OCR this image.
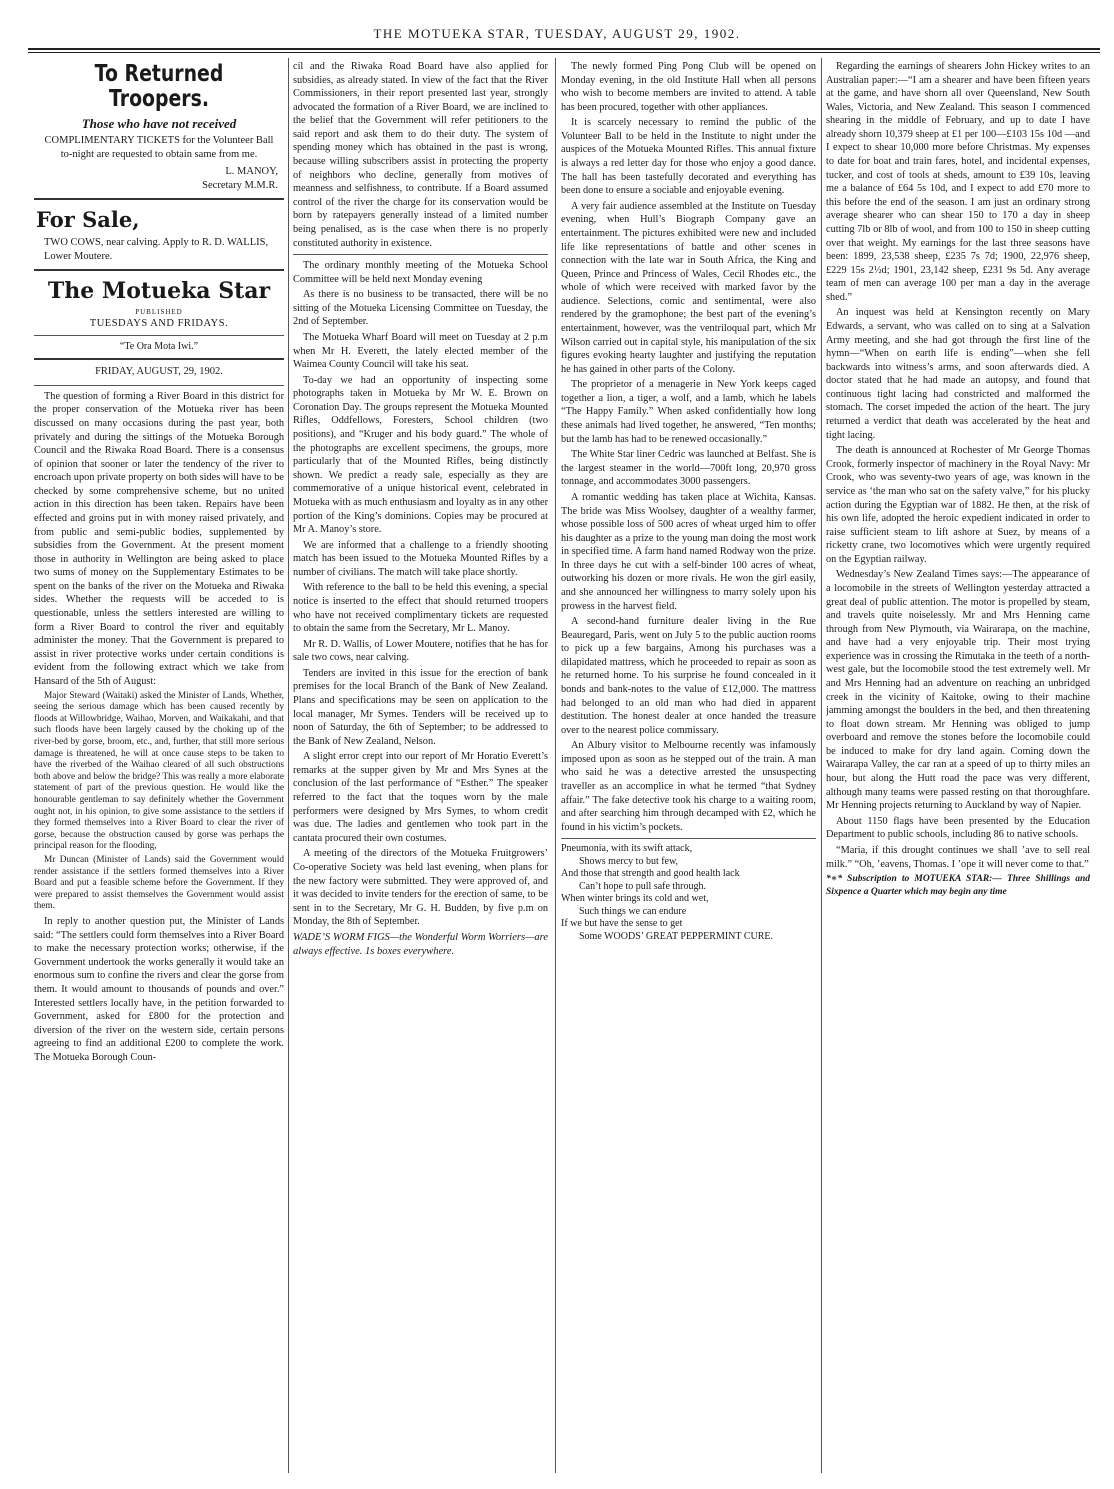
THE MOTUEKA STAR, TUESDAY, AUGUST 29, 1902.
To Returned Troopers.
Those who have not received
COMPLIMENTARY TICKETS for the Volunteer Ball to-night are requested to obtain same from me.
L. MANOY,
Secretary M.M.R.
For Sale,
TWO COWS, near calving. Apply to R. D. WALLIS, Lower Moutere.
The Motueka Star
PUBLISHED
TUESDAYS AND FRIDAYS.
“Te Ora Mota Iwi.”
FRIDAY, AUGUST, 29, 1902.

The question of forming a River Board in this district for the proper conservation of the Motueka river has been discussed on many occasions during the past year, both privately and during the sittings of the Motueka Borough Council and the Riwaka Road Board. There is a consensus of opinion that sooner or later the tendency of the river to encroach upon private property on both sides will have to be checked by some comprehensive scheme, but no united action in this direction has been taken. Repairs have been effected and groins put in with money raised privately, and from public and semi-public bodies, supplemented by subsidies from the Government. At the present moment those in authority in Wellington are being asked to place two sums of money on the Supplementary Estimates to be spent on the banks of the river on the Motueka and Riwaka sides. Whether the requests will be acceded to is questionable, unless the settlers interested are willing to form a River Board to control the river and equitably administer the money. That the Government is prepared to assist in river protective works under certain conditions is evident from the following extract which we take from Hansard of the 5th of August:

Major Steward (Waitaki) asked the Minister of Lands, Whether, seeing the serious damage which has been caused recently by floods at Willowbridge, Waihao, Morven, and Waikakahi, and that such floods have been largely caused by the choking up of the river-bed by gorse, broom, etc., and, further, that still more serious damage is threatened, he will at once cause steps to be taken to have the riverbed of the Waihao cleared of all such obstructions both above and below the bridge? This was really a more elaborate statement of part of the previous question. He would like the honourable gentleman to say definitely whether the Government ought not, in his opinion, to give some assistance to the settlers if they formed themselves into a River Board to clear the river of gorse, because the obstruction caused by gorse was perhaps the principal reason for the flooding,

Mr Duncan (Minister of Lands) said the Government would render assistance if the settlers formed themselves into a River Board and put a feasible scheme before the Government. If they were prepared to assist themselves the Government would assist them.

In reply to another question put, the Minister of Lands said: “The settlers could form themselves into a River Board to make the necessary protection works; otherwise, if the Government undertook the works generally it would take an enormous sum to confine the rivers and clear the gorse from them. It would amount to thousands of pounds and over.” Interested settlers locally have, in the petition forwarded to Government, asked for £800 for the protection and diversion of the river on the western side, certain persons agreeing to find an additional £200 to complete the work. The Motueka Borough Coun-

cil and the Riwaka Road Board have also applied for subsidies, as already stated. In view of the fact that the River Commissioners, in their report presented last year, strongly advocated the formation of a River Board, we are inclined to the belief that the Government will refer petitioners to the said report and ask them to do their duty. The system of spending money which has obtained in the past is wrong, because willing subscribers assist in protecting the property of neighbors who decline, generally from motives of meanness and selfishness, to contribute. If a Board assumed control of the river the charge for its conservation would be born by ratepayers generally instead of a limited number being penalised, as is the case when there is no properly constituted authority in existence.

The ordinary monthly meeting of the Motueka School Committee will be held next Monday evening

As there is no business to be transacted, there will be no sitting of the Motueka Licensing Committee on Tuesday, the 2nd of September.

The Motueka Wharf Board will meet on Tuesday at 2 p.m when Mr H. Everett, the lately elected member of the Waimea County Council will take his seat.

To-day we had an opportunity of inspecting some photographs taken in Motueka by Mr W. E. Brown on Coronation Day. The groups represent the Motueka Mounted Rifles, Oddfellows, Foresters, School children (two positions), and “Kruger and his body guard.” The whole of the photographs are excellent specimens, the groups, more particularly that of the Mounted Rifles, being distinctly shown. We predict a ready sale, especially as they are commemorative of a unique historical event, celebrated in Motueka with as much enthusiasm and loyalty as in any other portion of the King’s dominions. Copies may be procured at Mr A. Manoy’s store.

We are informed that a challenge to a friendly shooting match has been issued to the Motueka Mounted Rifles by a number of civilians. The match will take place shortly.

With reference to the ball to be held this evening, a special notice is inserted to the effect that should returned troopers who have not received complimentary tickets are requested to obtain the same from the Secretary, Mr L. Manoy.

Mr R. D. Wallis, of Lower Moutere, notifies that he has for sale two cows, near calving.

Tenders are invited in this issue for the erection of bank premises for the local Branch of the Bank of New Zealand. Plans and specifications may be seen on application to the local manager, Mr Symes. Tenders will be received up to noon of Saturday, the 6th of September; to be addressed to the Bank of New Zealand, Nelson.

A slight error crept into our report of Mr Horatio Everett’s remarks at the supper given by Mr and Mrs Synes at the conclusion of the last performance of “Esther.” The speaker referred to the fact that the toques worn by the male performers were designed by Mrs Symes, to whom credit was due. The ladies and gentlemen who took part in the cantata procured their own costumes.

A meeting of the directors of the Motueka Fruitgrowers’ Co-operative Society was held last evening, when plans for the new factory were submitted. They were approved of, and it was decided to invite tenders for the erection of same, to be sent in to the Secretary, Mr G. H. Budden, by five p.m on Monday, the 8th of September.

WADE’S WORM FIGS—the Wonderful Worm Worriers—are always effective. 1s boxes everywhere.

The newly formed Ping Pong Club will be opened on Monday evening, in the old Institute Hall when all persons who wish to become members are invited to attend. A table has been procured, together with other appliances.

It is scarcely necessary to remind the public of the Volunteer Ball to be held in the Institute to night under the auspices of the Motueka Mounted Rifles. This annual fixture is always a red letter day for those who enjoy a good dance. The hall has been tastefully decorated and everything has been done to ensure a sociable and enjoyable evening.

A very fair audience assembled at the Institute on Tuesday evening, when Hull’s Biograph Company gave an entertainment. The pictures exhibited were new and included life like representations of battle and other scenes in connection with the late war in South Africa, the King and Queen, Prince and Princess of Wales, Cecil Rhodes etc., the whole of which were received with marked favor by the audience. Selections, comic and sentimental, were also rendered by the gramophone; the best part of the evening’s entertainment, however, was the ventriloqual part, which Mr Wilson carried out in capital style, his manipulation of the six figures evoking hearty laughter and justifying the reputation he has gained in other parts of the Colony.

The proprietor of a menagerie in New York keeps caged together a lion, a tiger, a wolf, and a lamb, which he labels “The Happy Family.” When asked confidentially how long these animals had lived together, he answered, “Ten months; but the lamb has had to be renewed occasionally.”

The White Star liner Cedric was launched at Belfast. She is the largest steamer in the world—700ft long, 20,970 gross tonnage, and accommodates 3000 passengers.

A romantic wedding has taken place at Wichita, Kansas. The bride was Miss Woolsey, daughter of a wealthy farmer, whose possible loss of 500 acres of wheat urged him to offer his daughter as a prize to the young man doing the most work in specified time. A farm hand named Rodway won the prize. In three days he cut with a self-binder 100 acres of wheat, outworking his dozen or more rivals. He won the girl easily, and she announced her willingness to marry solely upon his prowess in the harvest field.

A second-hand furniture dealer living in the Rue Beauregard, Paris, went on July 5 to the public auction rooms to pick up a few bargains, Among his purchases was a dilapidated mattress, which he proceeded to repair as soon as he returned home. To his surprise he found concealed in it bonds and bank-notes to the value of £12,000. The mattress had belonged to an old man who had died in apparent destitution. The honest dealer at once handed the treasure over to the nearest police commissary.

An Albury visitor to Melbourne recently was infamously imposed upon as soon as he stepped out of the train. A man who said he was a detective arrested the unsuspecting traveller as an accomplice in what he termed “that Sydney affair.” The fake detective took his charge to a waiting room, and after searching him through decamped with £2, which he found in his victim’s pockets.

Pneumonia, with its swift attack,
Shows mercy to but few,
And those that strength and good health lack
Can’t hope to pull safe through.
When winter brings its cold and wet,
Such things we can endure
If we but have the sense to get
Some WOODS’ GREAT PEPPERMINT CURE.

Regarding the earnings of shearers John Hickey writes to an Australian paper:—“I am a shearer and have been fifteen years at the game, and have shorn all over Queensland, New South Wales, Victoria, and New Zealand. This season I commenced shearing in the middle of February, and up to date I have already shorn 10,379 sheep at £1 per 100—£103 15s 10d —and I expect to shear 10,000 more before Christmas. My expenses to date for boat and train fares, hotel, and incidental expenses, tucker, and cost of tools at sheds, amount to £39 10s, leaving me a balance of £64 5s 10d, and I expect to add £70 more to this before the end of the season. I am just an ordinary strong average shearer who can shear 150 to 170 a day in sheep cutting 7lb or 8lb of wool, and from 100 to 150 in sheep cutting over that weight. My earnings for the last three seasons have been: 1899, 23,538 sheep, £235 7s 7d; 1900, 22,976 sheep, £229 15s 2½d; 1901, 23,142 sheep, £231 9s 5d. Any average team of men can average 100 per man a day in the average shed.”

An inquest was held at Kensington recently on Mary Edwards, a servant, who was called on to sing at a Salvation Army meeting, and she had got through the first line of the hymn—“When on earth life is ending”—when she fell backwards into witness’s arms, and soon afterwards died. A doctor stated that he had made an autopsy, and found that continuous tight lacing had constricted and malformed the stomach. The corset impeded the action of the heart. The jury returned a verdict that death was accelerated by the heat and tight lacing.

The death is announced at Rochester of Mr George Thomas Crook, formerly inspector of machinery in the Royal Navy: Mr Crook, who was seventy-two years of age, was known in the service as ‘the man who sat on the safety valve,” for his plucky action during the Egyptian war of 1882. He then, at the risk of his own life, adopted the heroic expedient indicated in order to raise sufficient steam to lift ashore at Suez, by means of a ricketty crane, two locomotives which were urgently required on the Egyptian railway.

Wednesday’s New Zealand Times says:—The appearance of a locomobile in the streets of Wellington yesterday attracted a great deal of public attention. The motor is propelled by steam, and travels quite noiselessly. Mr and Mrs Henning came through from New Plymouth, via Wairarapa, on the machine, and have had a very enjoyable trip. Their most trying experience was in crossing the Rimutaka in the teeth of a north-west gale, but the locomobile stood the test extremely well. Mr and Mrs Henning had an adventure on reaching an unbridged creek in the vicinity of Kaitoke, owing to their machine jamming amongst the boulders in the bed, and then threatening to float down stream. Mr Henning was obliged to jump overboard and remove the stones before the locomobile could be induced to make for dry land again. Coming down the Wairarapa Valley, the car ran at a speed of up to thirty miles an hour, but along the Hutt road the pace was very different, although many teams were passed resting on that thoroughfare. Mr Henning projects returning to Auckland by way of Napier.

About 1150 flags have been presented by the Education Department to public schools, including 86 to native schools.

“Maria, if this drought continues we shall ’ave to sell real milk.” “Oh, ’eavens, Thomas. I ’ope it will never come to that.”

*∗* Subscription to MOTUEKA STAR:— Three Shillings and Sixpence a Quarter which may begin any time
